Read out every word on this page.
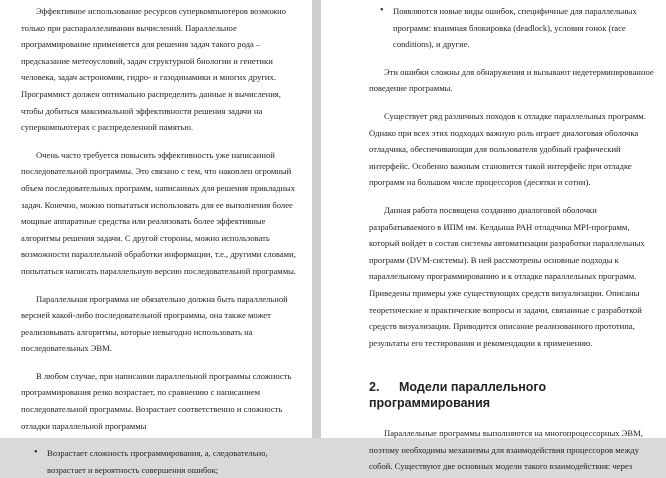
Эффективное использование ресурсов суперкомпьютеров возможно только при распараллеливании вычислений. Параллельное программирование применяется для решения задач такого рода – предсказание метеоусловий, задач структурной биологии и генетики человека, задач астрономии, гидро- и газодинамики и многих других. Программист должен оптимально распределить данные и вычисления, чтобы добиться максимальной эффективности решения задачи на суперкомпьютерах с распределенной памятью.

Очень часто требуется повысить эффективность уже написанной последовательной программы. Это связано с тем, что накоплен огромный объем последовательных программ, написанных для решения прикладных задач. Конечно, можно попытаться использовать для ее выполнения более мощные аппаратные средства или реализовать более эффективные алгоритмы решения задачи. С другой стороны, можно использовать возможности параллельной обработки информации, т.е., другими словами, попытаться написать параллельную версию последовательной программы.

Параллельная программа не обязательно должна быть параллельной версией какой-либо последовательной программы, она также может реализовывать алгоритмы, которые невыгодно использовать на последовательных ЭВМ.

В любом случае, при написании параллельной программы сложность программирования резко возрастает, по сравнению с написанием последовательной программы. Возрастает соответственно и сложность отладки параллельной программы

• Возрастает сложность программирования, а, следовательно, возрастает и вероятность совершения ошибок;
• Появляются новые виды ошибок, специфичные для параллельных программ: взаимная блокировка (deadlock), условия гонок (race conditions), и другие.

Эти ошибки сложны для обнаружения и вызывают недетерминированное поведение программы.

Существует ряд различных походов к отладке параллельных программ. Однако при всех этих подходах важную роль играет диалоговая оболочка отладчика, обеспечивающая для пользователя удобный графический интерфейс. Особенно важным становится такой интерфейс при отладке программ на большом числе процессоров (десятки и сотни).

Данная работа посвящена созданию диалоговой оболочки разрабатываемого в ИПМ им. Келдыша РАН отладчика MPI-программ, который войдет в состав системы автоматизации разработки параллельных программ (DVM-системы). В ней рассмотрены основные подходы к параллельному программированию и к отладке параллельных программ. Приведены примеры уже существующих средств визуализации. Описаны теоретические и практические вопросы и задачи, связанные с разработкой средств визуализации. Приводится описание реализованного прототипа, результаты его тестирования и рекомендации к применению.

2. Модели параллельного программирования

Параллельные программы выполняются на многопроцессорных ЭВМ, поэтому необходимы механизмы для взаимодействия процессоров между собой. Существуют две основных модели такого взаимодействия: через
